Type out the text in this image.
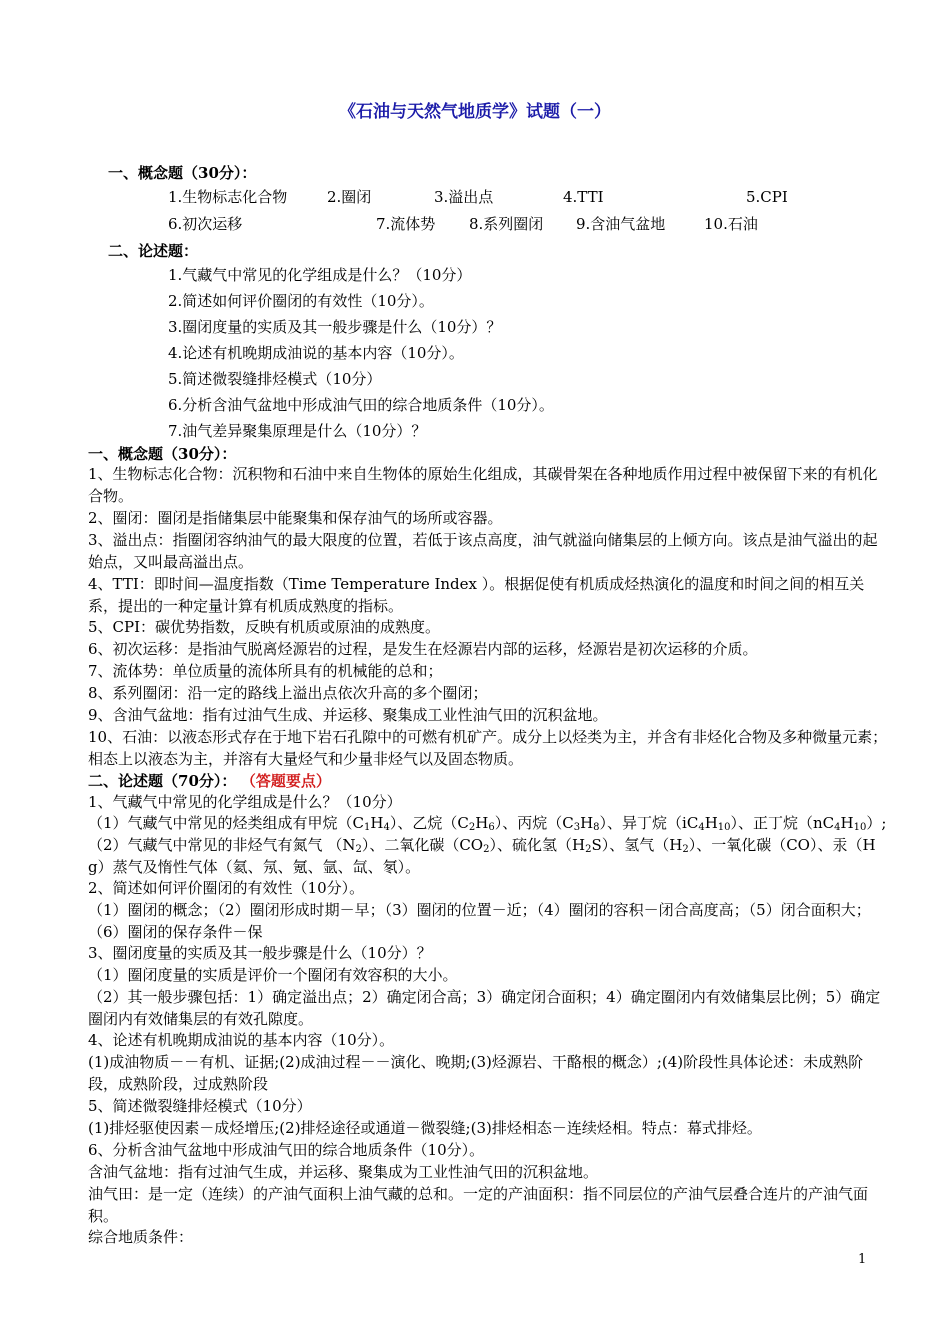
《石油与天然气地质学》试题（一）
一、概念题（30分）：
1.生物标志化合物	2.圈闭	3.溢出点	4.TTI	5.CPI
6.初次运移	7.流体势 8.系列圈闭 9.含油气盆地	10.石油
二、论述题：
1.气藏气中常见的化学组成是什么？（10分）
2.简述如何评价圈闭的有效性（10分）。
3.圈闭度量的实质及其一般步骤是什么（10分）？
4.论述有机晚期成油说的基本内容（10分）。
5.简述微裂缝排烃模式（10分）
6.分析含油气盆地中形成油气田的综合地质条件（10分）。
7.油气差异聚集原理是什么（10分）？
一、概念题（30分）：
1、生物标志化合物：沉积物和石油中来自生物体的原始生化组成，其碳骨架在各种地质作用过程中被保留下来的有机化合物。
2、圈闭：圈闭是指储集层中能聚集和保存油气的场所或容器。
3、溢出点：指圈闭容纳油气的最大限度的位置，若低于该点高度，油气就溢向储集层的上倾方向。该点是油气溢出的起始点，又叫最高溢出点。
4、TTI：即时间—温度指数（Time Temperature Index ）。根据促使有机质成烃热演化的温度和时间之间的相互关系，提出的一种定量计算有机质成熟度的指标。
5、CPI：碳优势指数，反映有机质或原油的成熟度。
6、初次运移：是指油气脱离烃源岩的过程，是发生在烃源岩内部的运移，烃源岩是初次运移的介质。
7、流体势：单位质量的流体所具有的机械能的总和；
8、系列圈闭：沿一定的路线上溢出点依次升高的多个圈闭；
9、含油气盆地：指有过油气生成、并运移、聚集成工业性油气田的沉积盆地。
10、石油：以液态形式存在于地下岩石孔隙中的可燃有机矿产。成分上以烃类为主，并含有非烃化合物及多种微量元素；相态上以液态为主，并溶有大量烃气和少量非烃气以及固态物质。
二、论述题（70分）： （答题要点）
1、气藏气中常见的化学组成是什么？（10分）
（1）气藏气中常见的烃类组成有甲烷$(C_1H_4)$、乙烷$(C_2H_6)$、丙烷$(C_3H_8)$、异丁烷$(iC_4H_{10})$、正丁烷$(nC_4H_{10})$;
（2）气藏气中常见的非烃气有氮气 $(N_2)$、二氧化碳$(CO_2)$、硫化氢$(H_2S)$、氢气$(H_2)$、一氧化碳（CO）、汞（Hg）蒸气及惰性气体（氦、氖、氪、氩、氙、氡）。
2、简述如何评价圈闭的有效性（10分）。
（1）圈闭的概念；（2）圈闭形成时期－早；（3）圈闭的位置－近；（4）圈闭的容积－闭合高度高；（5）闭合面积大；（6）圈闭的保存条件－保
3、圈闭度量的实质及其一般步骤是什么（10分）？
（1）圈闭度量的实质是评价一个圈闭有效容积的大小。
（2）其一般步骤包括：1）确定溢出点；2）确定闭合高；3）确定闭合面积；4）确定圈闭内有效储集层比例；5）确定圈闭内有效储集层的有效孔隙度。
4、论述有机晚期成油说的基本内容（10分）。
(1)成油物质－－有机、证据;(2)成油过程－－演化、晚期;(3)烃源岩、干酪根的概念）;(4)阶段性具体论述：未成熟阶段，成熟阶段，过成熟阶段
5、简述微裂缝排烃模式（10分）
(1)排烃驱使因素－成烃增压;(2)排烃途径或通道－微裂缝;(3)排烃相态－连续烃相。特点：幕式排烃。
6、分析含油气盆地中形成油气田的综合地质条件（10分）。
含油气盆地：指有过油气生成，并运移、聚集成为工业性油气田的沉积盆地。
油气田：是一定（连续）的产油气面积上油气藏的总和。一定的产油面积：指不同层位的产油气层叠合连片的产油气面积。
综合地质条件：
1
